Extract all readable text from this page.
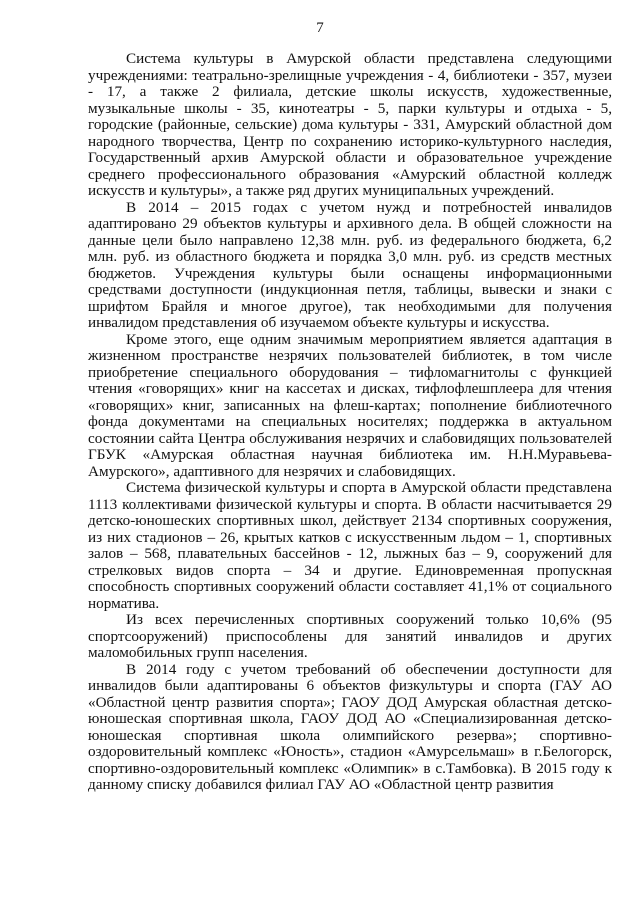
7

Система культуры в Амурской области представлена следующими учреждениями: театрально-зрелищные учреждения - 4, библиотеки - 357, музеи - 17, а также 2 филиала, детские школы искусств, художественные, музыкальные школы - 35, кинотеатры - 5, парки культуры и отдыха - 5, городские (районные, сельские) дома культуры - 331, Амурский областной дом народного творчества, Центр по сохранению историко-культурного наследия, Государственный архив Амурской области и образовательное учреждение среднего профессионального образования «Амурский областной колледж искусств и культуры», а также ряд других муниципальных учреждений.

В 2014 – 2015 годах с учетом нужд и потребностей инвалидов адаптировано 29 объектов культуры и архивного дела. В общей сложности на данные цели было направлено 12,38 млн. руб. из федерального бюджета, 6,2 млн. руб. из областного бюджета и порядка 3,0 млн. руб. из средств местных бюджетов. Учреждения культуры были оснащены информационными средствами доступности (индукционная петля, таблицы, вывески и знаки с шрифтом Брайля и многое другое), так необходимыми для получения инвалидом представления об изучаемом объекте культуры и искусства.

Кроме этого, еще одним значимым мероприятием является адаптация в жизненном пространстве незрячих пользователей библиотек, в том числе приобретение специального оборудования – тифломагнитолы с функцией чтения «говорящих» книг на кассетах и дисках, тифлофлешплеера для чтения «говорящих» книг, записанных на флеш-картах; пополнение библиотечного фонда документами на специальных носителях; поддержка в актуальном состоянии сайта Центра обслуживания незрячих и слабовидящих пользователей ГБУК «Амурская областная научная библиотека им. Н.Н.Муравьева-Амурского», адаптивного для незрячих и слабовидящих.

Система физической культуры и спорта в Амурской области представлена 1113 коллективами физической культуры и спорта. В области насчитывается 29 детско-юношеских спортивных школ, действует 2134 спортивных сооружения, из них стадионов – 26, крытых катков с искусственным льдом – 1, спортивных залов – 568, плавательных бассейнов - 12, лыжных баз – 9, сооружений для стрелковых видов спорта – 34 и другие. Единовременная пропускная способность спортивных сооружений области составляет 41,1% от социального норматива.

Из всех перечисленных спортивных сооружений только 10,6% (95 спортсооружений) приспособлены для занятий инвалидов и других маломобильных групп населения.

В 2014 году с учетом требований об обеспечении доступности для инвалидов были адаптированы 6 объектов физкультуры и спорта (ГАУ АО «Областной центр развития спорта»; ГАОУ ДОД Амурская областная детско-юношеская спортивная школа, ГАОУ ДОД АО «Специализированная детско-юношеская спортивная школа олимпийского резерва»; спортивно-оздоровительный комплекс «Юность», стадион «Амурсельмаш» в г.Белогорск, спортивно-оздоровительный комплекс «Олимпик» в с.Тамбовка). В 2015 году к данному списку добавился филиал ГАУ АО «Областной центр развития
